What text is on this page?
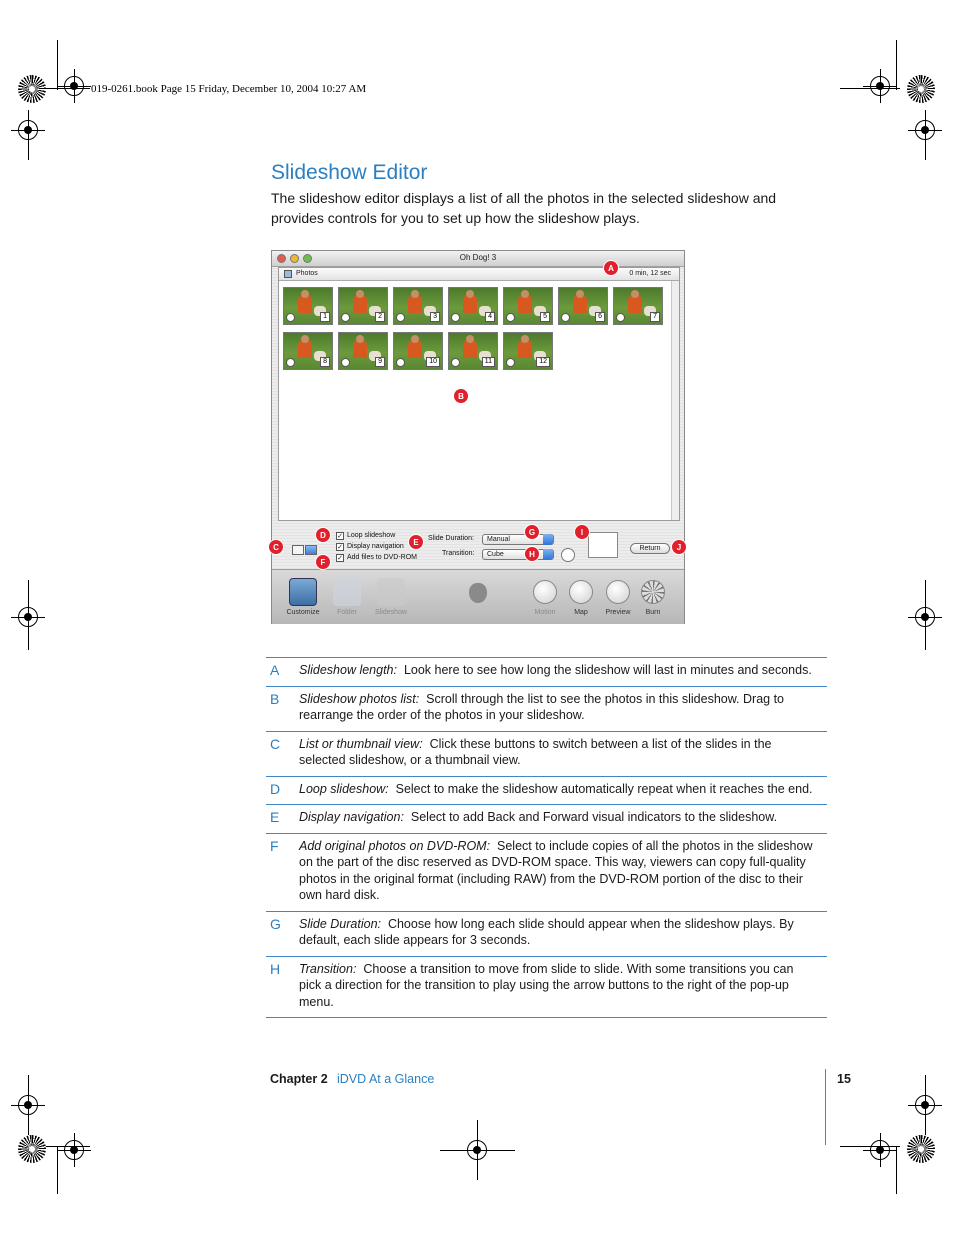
019-0261.book Page 15 Friday, December 10, 2004 10:27 AM
Slideshow Editor

The slideshow editor displays a list of all the photos in the selected slideshow and provides controls for you to set up how the slideshow plays.

Oh Dog! 3
Photos	0 min, 12 sec
1	2	3	4	5	6	7
8	9	10	11	12
✓ Loop slideshow
✓ Display navigation
✓ Add files to DVD-ROM
Slide Duration:	Manual
Transition:	Cube
Return
Customize	Folder	Slideshow	Motion	Map	Preview	Burn
A
B
C
D
E
F
G
H
I
J
A Slideshow length: Look here to see how long the slideshow will last in minutes and seconds.
B Slideshow photos list: Scroll through the list to see the photos in this slideshow. Drag to rearrange the order of the photos in your slideshow.
C List or thumbnail view: Click these buttons to switch between a list of the slides in the selected slideshow, or a thumbnail view.
D Loop slideshow: Select to make the slideshow automatically repeat when it reaches the end.
E Display navigation: Select to add Back and Forward visual indicators to the slideshow.
F Add original photos on DVD-ROM: Select to include copies of all the photos in the slideshow on the part of the disc reserved as DVD-ROM space. This way, viewers can copy full-quality photos in the original format (including RAW) from the DVD-ROM portion of the disc to their own hard disk.
G Slide Duration: Choose how long each slide should appear when the slideshow plays. By default, each slide appears for 3 seconds.
H Transition: Choose a transition to move from slide to slide. With some transitions you can pick a direction for the transition to play using the arrow buttons to the right of the pop-up menu.
Chapter 2 iDVD At a Glance	15
